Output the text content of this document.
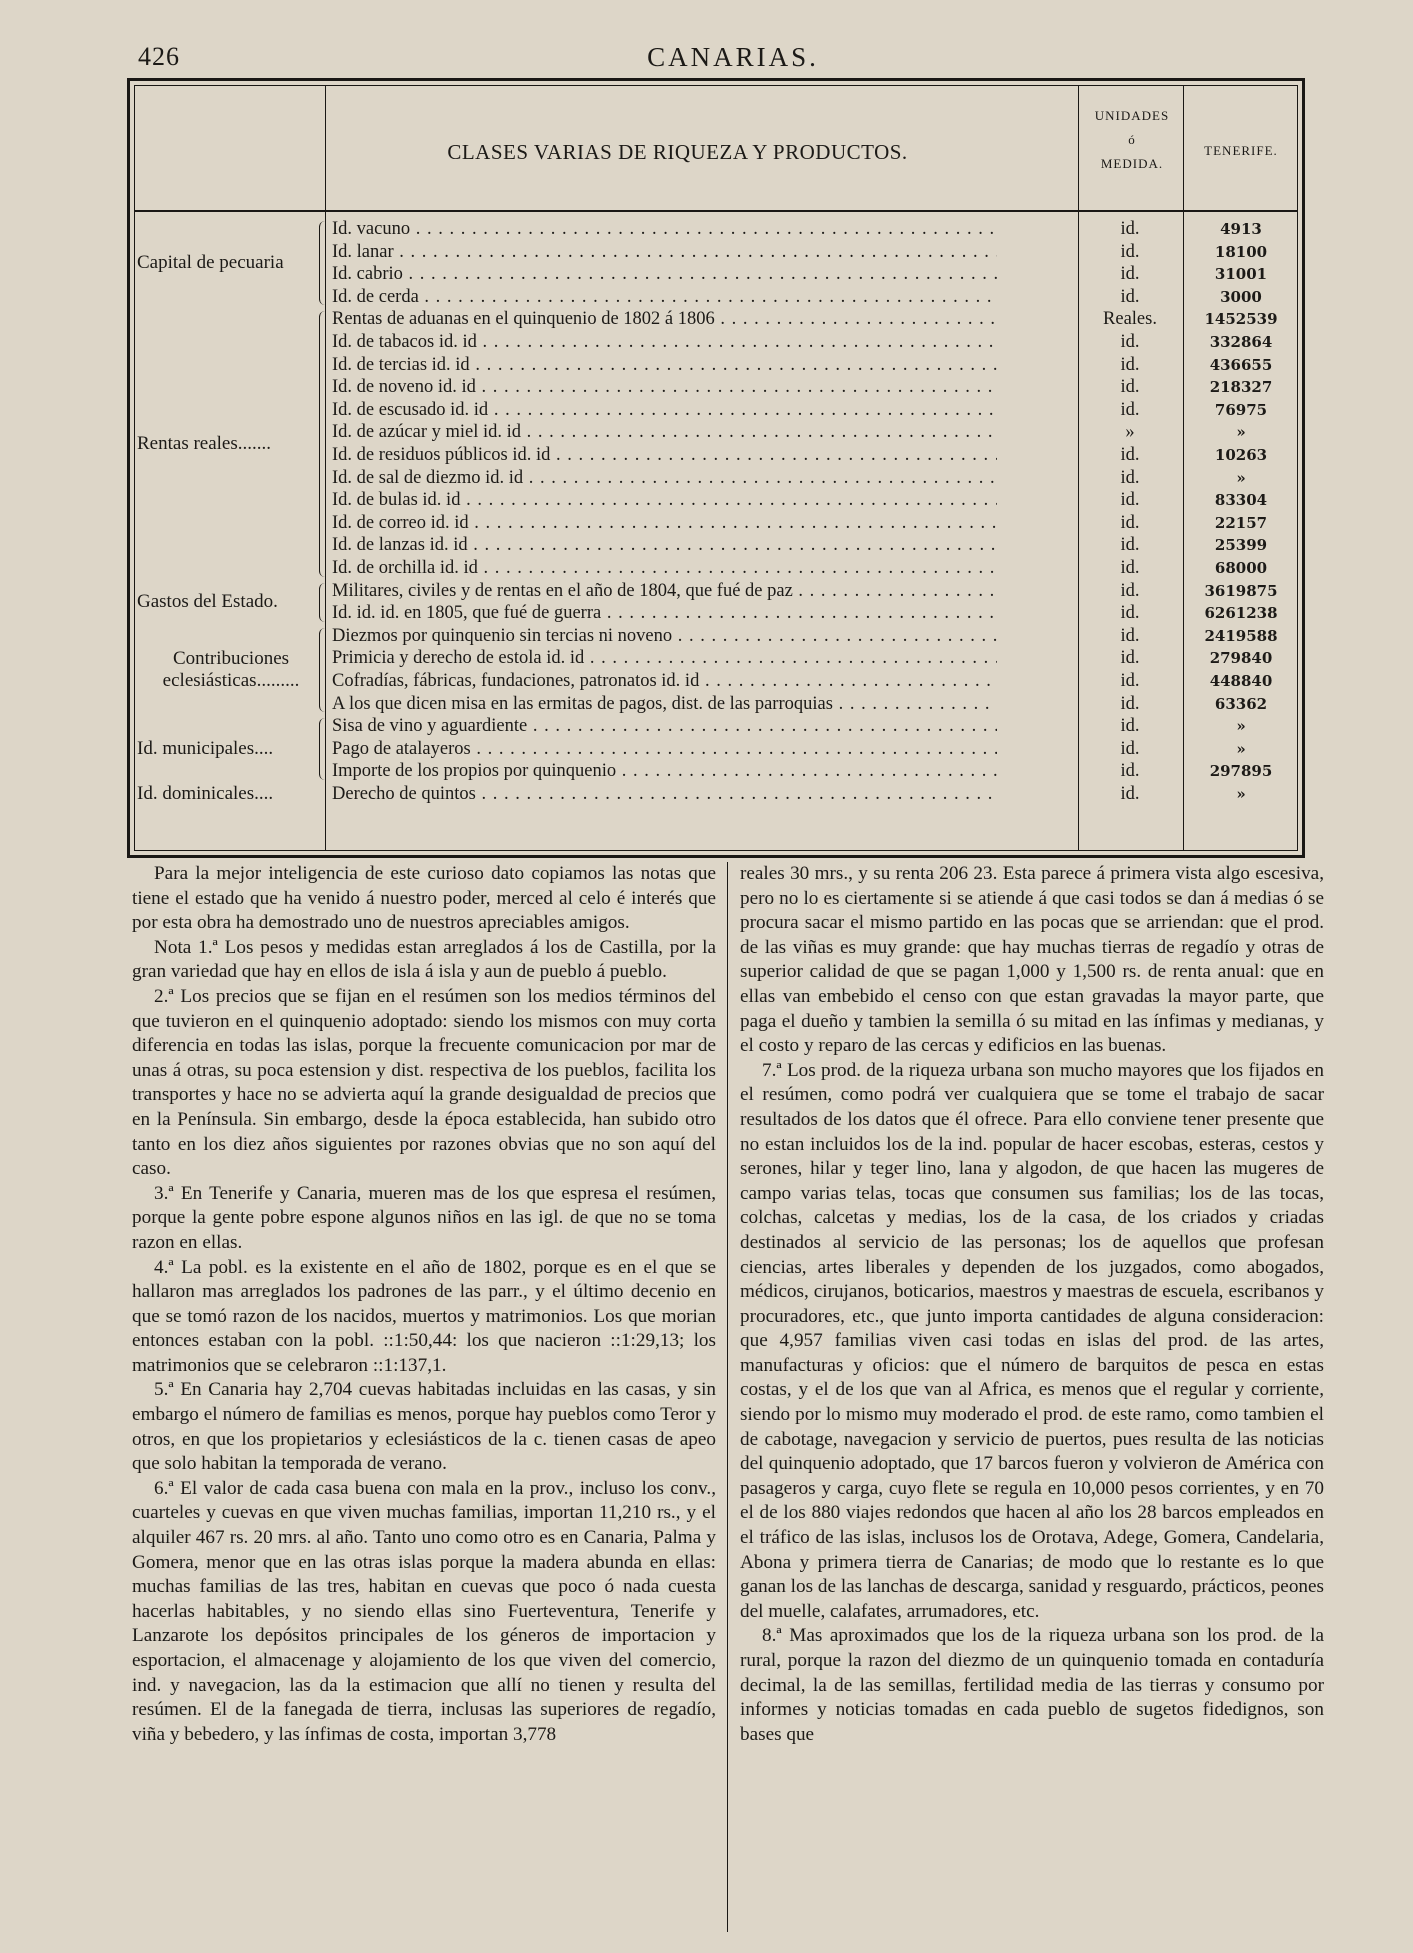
426	CANARIAS.
CLASES VARIAS DE RIQUEZA Y PRODUCTOS.
UNIDADES
ó
MEDIDA.
TENERIFE.
Id. vacuno . . .	id.	4913
Id. lanar . . .	id.	18100
Id. cabrio . . .	id.	31001
Id. de cerda . . .	id.	3000
Capital de pecuaria
Rentas de aduanas en el quinquenio de 1802 á 1806 . . .	Reales.	1452539
Id. de tabacos id. id . . .	id.	332864
Id. de tercias id. id . . .	id.	436655
Id. de noveno id. id . . .	id.	218327
Id. de escusado id. id . . .	id.	76975
Id. de azúcar y miel id. id . . .	»	»
Id. de residuos públicos id. id . . .	id.	10263
Id. de sal de diezmo id. id . . .	id.	»
Id. de bulas id. id . . .	id.	83304
Id. de correo id. id . . .	id.	22157
Id. de lanzas id. id . . .	id.	25399
Id. de orchilla id. id . . .	id.	68000
Rentas reales.......
Militares, civiles y de rentas en el año de 1804, que fué de paz . . .	id.	3619875
Id. id. id. en 1805, que fué de guerra . . .	id.	6261238
Gastos del Estado.
Diezmos por quinquenio sin tercias ni noveno . . .	id.	2419588
Primicia y derecho de estola id. id . . .	id.	279840
Cofradías, fábricas, fundaciones, patronatos id. id . . .	id.	448840
A los que dicen misa en las ermitas de pagos, dist. de las parroquias . . .	id.	63362
Contribuciones eclesiásticas.........
Sisa de vino y aguardiente . . .	id.	»
Pago de atalayeros . . .	id.	»
Importe de los propios por quinquenio . . .	id.	297895
Id. municipales....
Derecho de quintos . . .	id.	»
Id. dominicales....

Para la mejor inteligencia de este curioso dato copiamos las notas que tiene el estado que ha venido á nuestro poder, merced al celo é interés que por esta obra ha demostrado uno de nuestros apreciables amigos.

Nota 1.ª Los pesos y medidas estan arreglados á los de Castilla, por la gran variedad que hay en ellos de isla á isla y aun de pueblo á pueblo.

2.ª Los precios que se fijan en el resúmen son los medios términos del que tuvieron en el quinquenio adoptado: siendo los mismos con muy corta diferencia en todas las islas, porque la frecuente comunicacion por mar de unas á otras, su poca estension y dist. respectiva de los pueblos, facilita los transportes y hace no se advierta aquí la grande desigualdad de precios que en la Península. Sin embargo, desde la época establecida, han subido otro tanto en los diez años siguientes por razones obvias que no son aquí del caso.

3.ª En Tenerife y Canaria, mueren mas de los que espresa el resúmen, porque la gente pobre espone algunos niños en las igl. de que no se toma razon en ellas.

4.ª La pobl. es la existente en el año de 1802, porque es en el que se hallaron mas arreglados los padrones de las parr., y el último decenio en que se tomó razon de los nacidos, muertos y matrimonios. Los que morian entonces estaban con la pobl. ::1:50,44: los que nacieron ::1:29,13; los matrimonios que se celebraron ::1:137,1.

5.ª En Canaria hay 2,704 cuevas habitadas incluidas en las casas, y sin embargo el número de familias es menos, porque hay pueblos como Teror y otros, en que los propietarios y eclesiásticos de la c. tienen casas de apeo que solo habitan la temporada de verano.

6.ª El valor de cada casa buena con mala en la prov., incluso los conv., cuarteles y cuevas en que viven muchas familias, importan 11,210 rs., y el alquiler 467 rs. 20 mrs. al año. Tanto uno como otro es en Canaria, Palma y Gomera, menor que en las otras islas porque la madera abunda en ellas: muchas familias de las tres, habitan en cuevas que poco ó nada cuesta hacerlas habitables, y no siendo ellas sino Fuerteventura, Tenerife y Lanzarote los depósitos principales de los géneros de importacion y esportacion, el almacenage y alojamiento de los que viven del comercio, ind. y navegacion, las da la estimacion que allí no tienen y resulta del resúmen. El de la fanegada de tierra, inclusas las superiores de regadío, viña y bebedero, y las ínfimas de costa, importan 3,778

reales 30 mrs., y su renta 206 23. Esta parece á primera vista algo escesiva, pero no lo es ciertamente si se atiende á que casi todos se dan á medias ó se procura sacar el mismo partido en las pocas que se arriendan: que el prod. de las viñas es muy grande: que hay muchas tierras de regadío y otras de superior calidad de que se pagan 1,000 y 1,500 rs. de renta anual: que en ellas van embebido el censo con que estan gravadas la mayor parte, que paga el dueño y tambien la semilla ó su mitad en las ínfimas y medianas, y el costo y reparo de las cercas y edificios en las buenas.

7.ª Los prod. de la riqueza urbana son mucho mayores que los fijados en el resúmen, como podrá ver cualquiera que se tome el trabajo de sacar resultados de los datos que él ofrece. Para ello conviene tener presente que no estan incluidos los de la ind. popular de hacer escobas, esteras, cestos y serones, hilar y teger lino, lana y algodon, de que hacen las mugeres de campo varias telas, tocas que consumen sus familias; los de las tocas, colchas, calcetas y medias, los de la casa, de los criados y criadas destinados al servicio de las personas; los de aquellos que profesan ciencias, artes liberales y dependen de los juzgados, como abogados, médicos, cirujanos, boticarios, maestros y maestras de escuela, escribanos y procuradores, etc., que junto importa cantidades de alguna consideracion: que 4,957 familias viven casi todas en islas del prod. de las artes, manufacturas y oficios: que el número de barquitos de pesca en estas costas, y el de los que van al Africa, es menos que el regular y corriente, siendo por lo mismo muy moderado el prod. de este ramo, como tambien el de cabotage, navegacion y servicio de puertos, pues resulta de las noticias del quinquenio adoptado, que 17 barcos fueron y volvieron de América con pasageros y carga, cuyo flete se regula en 10,000 pesos corrientes, y en 70 el de los 880 viajes redondos que hacen al año los 28 barcos empleados en el tráfico de las islas, inclusos los de Orotava, Adege, Gomera, Candelaria, Abona y primera tierra de Canarias; de modo que lo restante es lo que ganan los de las lanchas de descarga, sanidad y resguardo, prácticos, peones del muelle, calafates, arrumadores, etc.

8.ª Mas aproximados que los de la riqueza urbana son los prod. de la rural, porque la razon del diezmo de un quinquenio tomada en contaduría decimal, la de las semillas, fertilidad media de las tierras y consumo por informes y noticias tomadas en cada pueblo de sugetos fidedignos, son bases que
